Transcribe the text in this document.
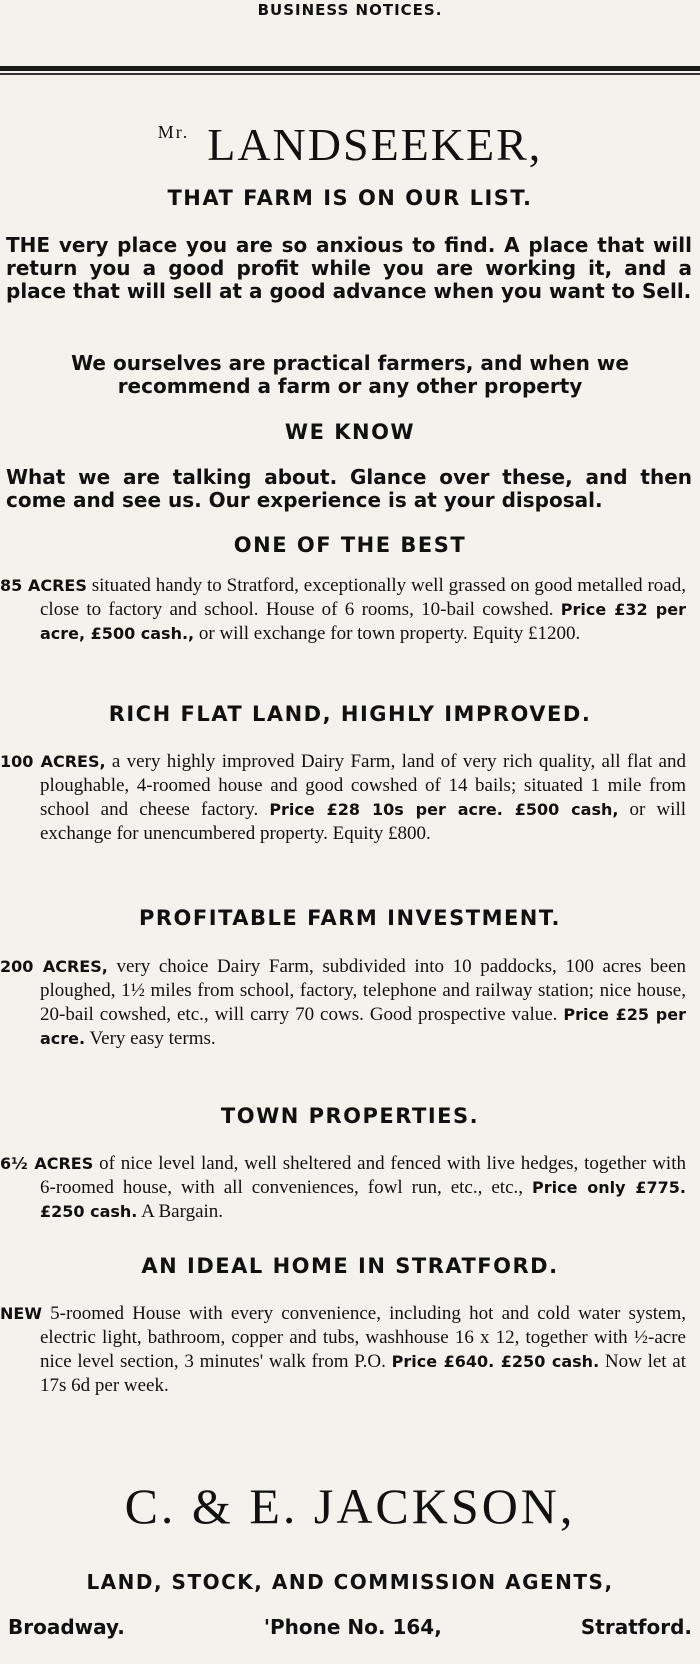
BUSINESS NOTICES.
$^{Mr.}$ LANDSEEKER,
THAT FARM IS ON OUR LIST.
THE very place you are so anxious to find. A place that will return you a good profit while you are working it, and a place that will sell at a good advance when you want to Sell.
We ourselves are practical farmers, and when we recommend a farm or any other property
WE KNOW
What we are talking about. Glance over these, and then come and see us. Our experience is at your disposal.
ONE OF THE BEST
85 ACRES situated handy to Stratford, exceptionally well grassed on good metalled road, close to factory and school. House of 6 rooms, 10-bail cowshed. Price £32 per acre, £500 cash., or will exchange for town property. Equity £1200.
RICH FLAT LAND, HIGHLY IMPROVED.
100 ACRES, a very highly improved Dairy Farm, land of very rich quality, all flat and ploughable, 4-roomed house and good cowshed of 14 bails; situated 1 mile from school and cheese factory. Price £28 10s per acre. £500 cash, or will exchange for unencumbered property. Equity £800.
PROFITABLE FARM INVESTMENT.
200 ACRES, very choice Dairy Farm, subdivided into 10 paddocks, 100 acres been ploughed, 1½ miles from school, factory, telephone and railway station; nice house, 20-bail cowshed, etc., will carry 70 cows. Good prospective value. Price £25 per acre. Very easy terms.
TOWN PROPERTIES.
6½ ACRES of nice level land, well sheltered and fenced with live hedges, together with 6-roomed house, with all conveniences, fowl run, etc., etc., Price only £775. £250 cash. A Bargain.
AN IDEAL HOME IN STRATFORD.
NEW 5-roomed House with every convenience, including hot and cold water system, electric light, bathroom, copper and tubs, washhouse 16 x 12, together with ½-acre nice level section, 3 minutes' walk from P.O. Price £640. £250 cash. Now let at 17s 6d per week.
C. & E. JACKSON,
LAND, STOCK, AND COMMISSION AGENTS,
Broadway.	'Phone No. 164,	Stratford.
